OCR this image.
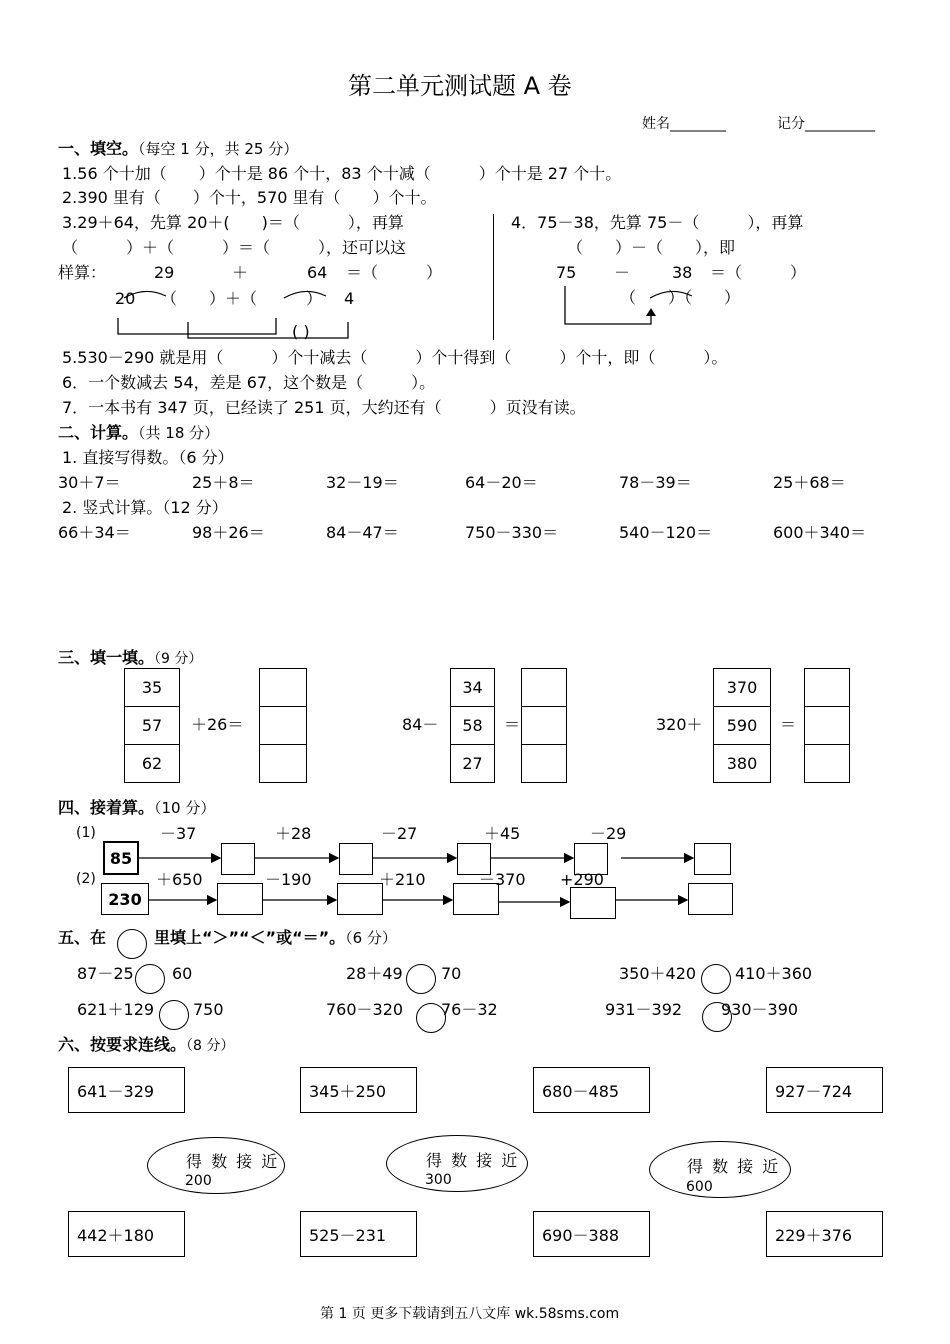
第二单元测试题 A 卷
姓名________	记分__________
一、填空。（每空 1 分，共 25 分）
1.56 个十加（　　）个十是 86 个十，83 个十减（　　　）个十是 27 个十。
2.390 里有（　　）个十，570 里有（　　）个十。
3.29＋64，先算 20＋(　　)＝（　　　），再算
（　　　）＋（　　　）＝（　　　），还可以这
样算：	29	＋	64 ＝（　　　）
20 （　　）＋（	） 4
( )
4．75－38，先算 75－（　　　），再算
（　　）－（　　），即
75 －	38 ＝（　　　）
（　　）（　　）
5.530－290 就是用（　　　）个十减去（　　　）个十得到（　　　）个十，即（　　　）。
6．一个数减去 54，差是 67，这个数是（　　　）。
7．一本书有 347 页，已经读了 251 页，大约还有（　　　）页没有读。
二、计算。（共 18 分）
1. 直接写得数。（6 分）
30＋7＝	25＋8＝	32－19＝	64－20＝	78－39＝	25＋68＝
2. 竖式计算。（12 分）
66＋34＝	98＋26＝	84－47＝	750－330＝	540－120＝	600＋340＝
三、填一填。（9 分）
35
57
62
＋26＝	84－
34
58
27
＝	320＋
370
590
380
＝
四、接着算。（10 分）
(1)	－37	＋28	－27	＋45	－29
85
(2)	＋650	－190	＋210	－370 +290
230
五、在	里填上“＞”“＜”或“＝”。（6 分）
87－25 60	28＋49 70	350＋420 410＋360
621＋129 750	760－320 76－32	931－392 930－390
六、按要求连线。（8 分）
641－329	345＋250	680－485	927－724
得 数 接 近
200
得 数 接 近
300
得 数 接 近
600
442＋180	525－231	690－388	229＋376
第 1 页 更多下载请到五八文库 wk.58sms.com
